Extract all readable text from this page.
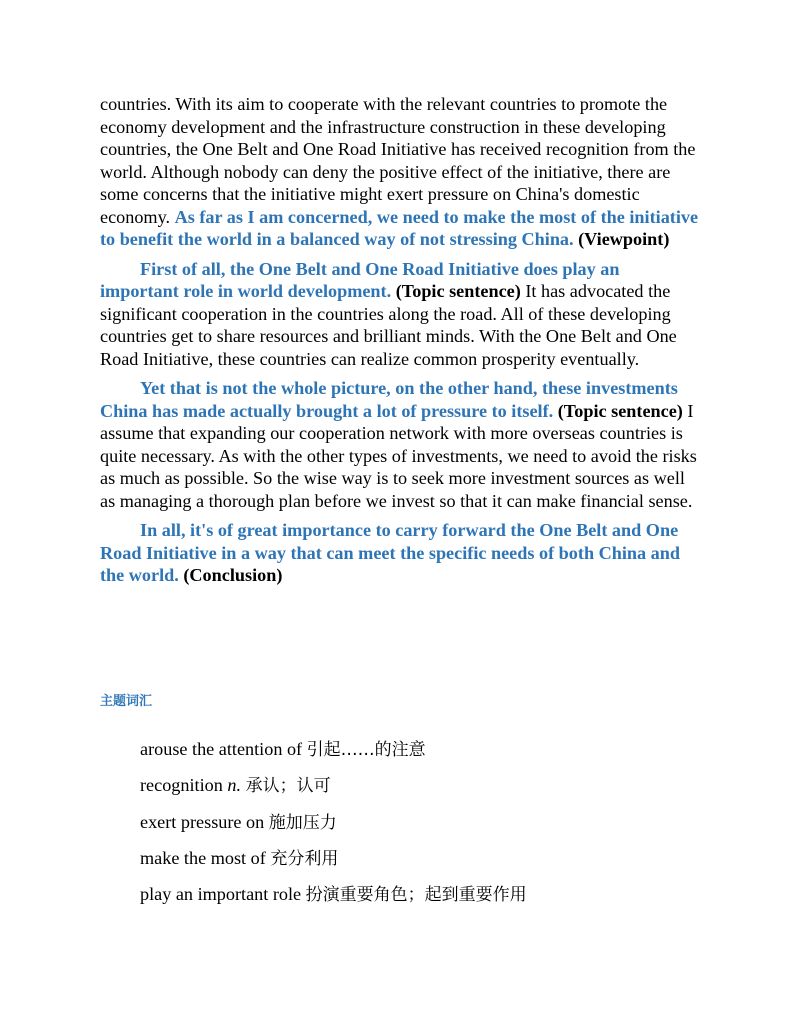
countries. With its aim to cooperate with the relevant countries to promote the economy development and the infrastructure construction in these developing countries, the One Belt and One Road Initiative has received recognition from the world. Although nobody can deny the positive effect of the initiative, there are some concerns that the initiative might exert pressure on China's domestic economy. As far as I am concerned, we need to make the most of the initiative to benefit the world in a balanced way of not stressing China. (Viewpoint)

First of all, the One Belt and One Road Initiative does play an important role in world development. (Topic sentence) It has advocated the significant cooperation in the countries along the road. All of these developing countries get to share resources and brilliant minds. With the One Belt and One Road Initiative, these countries can realize common prosperity eventually.

Yet that is not the whole picture, on the other hand, these investments China has made actually brought a lot of pressure to itself. (Topic sentence) I assume that expanding our cooperation network with more overseas countries is quite necessary. As with the other types of investments, we need to avoid the risks as much as possible. So the wise way is to seek more investment sources as well as managing a thorough plan before we invest so that it can make financial sense.

In all, it's of great importance to carry forward the One Belt and One Road Initiative in a way that can meet the specific needs of both China and the world. (Conclusion)

主题词汇
arouse the attention of 引起……的注意
recognition n. 承认；认可
exert pressure on 施加压力
make the most of 充分利用
play an important role 扮演重要角色；起到重要作用
